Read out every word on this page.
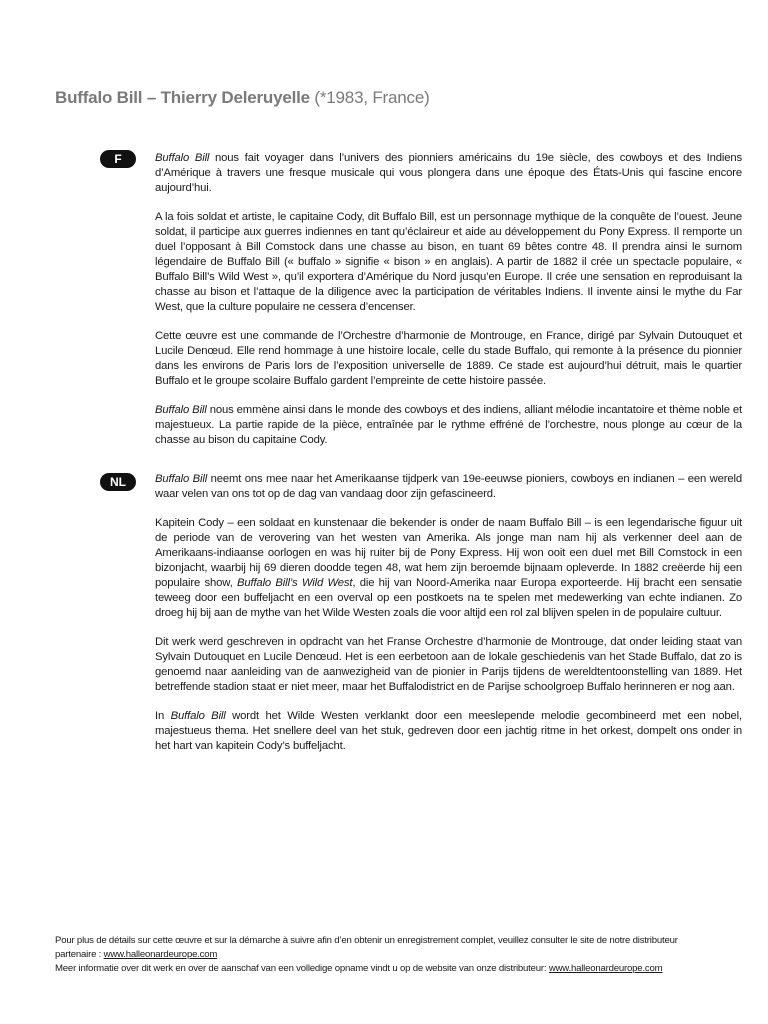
Buffalo Bill – Thierry Deleruyelle (*1983, France)
F	Buffalo Bill nous fait voyager dans l’univers des pionniers américains du 19e siècle, des cowboys et des Indiens d’Amérique à travers une fresque musicale qui vous plongera dans une époque des États-Unis qui fascine encore aujourd’hui.

A la fois soldat et artiste, le capitaine Cody, dit Buffalo Bill, est un personnage mythique de la conquête de l’ouest. Jeune soldat, il participe aux guerres indiennes en tant qu’éclaireur et aide au développement du Pony Express. Il remporte un duel l’opposant à Bill Comstock dans une chasse au bison, en tuant 69 bêtes contre 48. Il prendra ainsi le surnom légendaire de Buffalo Bill (« buffalo » signifie « bison » en anglais). A partir de 1882 il crée un spectacle populaire, « Buffalo Bill’s Wild West », qu’il exportera d’Amérique du Nord jusqu’en Europe. Il crée une sensation en reproduisant la chasse au bison et l’attaque de la diligence avec la participation de véritables Indiens. Il invente ainsi le mythe du Far West, que la culture populaire ne cessera d’encenser.

Cette œuvre est une commande de l’Orchestre d’harmonie de Montrouge, en France, dirigé par Sylvain Dutouquet et Lucile Denœud. Elle rend hommage à une histoire locale, celle du stade Buffalo, qui remonte à la présence du pionnier dans les environs de Paris lors de l’exposition universelle de 1889. Ce stade est aujourd’hui détruit, mais le quartier Buffalo et le groupe scolaire Buffalo gardent l’empreinte de cette histoire passée.

Buffalo Bill nous emmène ainsi dans le monde des cowboys et des indiens, alliant mélodie incantatoire et thème noble et majestueux. La partie rapide de la pièce, entraînée par le rythme effréné de l’orchestre, nous plonge au cœur de la chasse au bison du capitaine Cody.

NL	Buffalo Bill neemt ons mee naar het Amerikaanse tijdperk van 19e-eeuwse pioniers, cowboys en indianen – een wereld waar velen van ons tot op de dag van vandaag door zijn gefascineerd.

Kapitein Cody – een soldaat en kunstenaar die bekender is onder de naam Buffalo Bill – is een legendarische figuur uit de periode van de verovering van het westen van Amerika. Als jonge man nam hij als verkenner deel aan de Amerikaans-indiaanse oorlogen en was hij ruiter bij de Pony Express. Hij won ooit een duel met Bill Comstock in een bizonjacht, waarbij hij 69 dieren doodde tegen 48, wat hem zijn beroemde bijnaam opleverde. In 1882 creëerde hij een populaire show, Buffalo Bill’s Wild West, die hij van Noord-Amerika naar Europa exporteerde. Hij bracht een sensatie teweeg door een buffeljacht en een overval op een postkoets na te spelen met medewerking van echte indianen. Zo droeg hij bij aan de mythe van het Wilde Westen zoals die voor altijd een rol zal blijven spelen in de populaire cultuur.

Dit werk werd geschreven in opdracht van het Franse Orchestre d’harmonie de Montrouge, dat onder leiding staat van Sylvain Dutouquet en Lucile Denœud. Het is een eerbetoon aan de lokale geschiedenis van het Stade Buffalo, dat zo is genoemd naar aanleiding van de aanwezigheid van de pionier in Parijs tijdens de wereldtentoonstelling van 1889. Het betreffende stadion staat er niet meer, maar het Buffalodistrict en de Parijse schoolgroep Buffalo herinneren er nog aan.

In Buffalo Bill wordt het Wilde Westen verklankt door een meeslepende melodie gecombineerd met een nobel, majestueus thema. Het snellere deel van het stuk, gedreven door een jachtig ritme in het orkest, dompelt ons onder in het hart van kapitein Cody’s buffeljacht.

Pour plus de détails sur cette œuvre et sur la démarche à suivre afin d’en obtenir un enregistrement complet, veuillez consulter le site de notre distributeur partenaire : www.halleonardeurope.com
Meer informatie over dit werk en over de aanschaf van een volledige opname vindt u op de website van onze distributeur: www.halleonardeurope.com
